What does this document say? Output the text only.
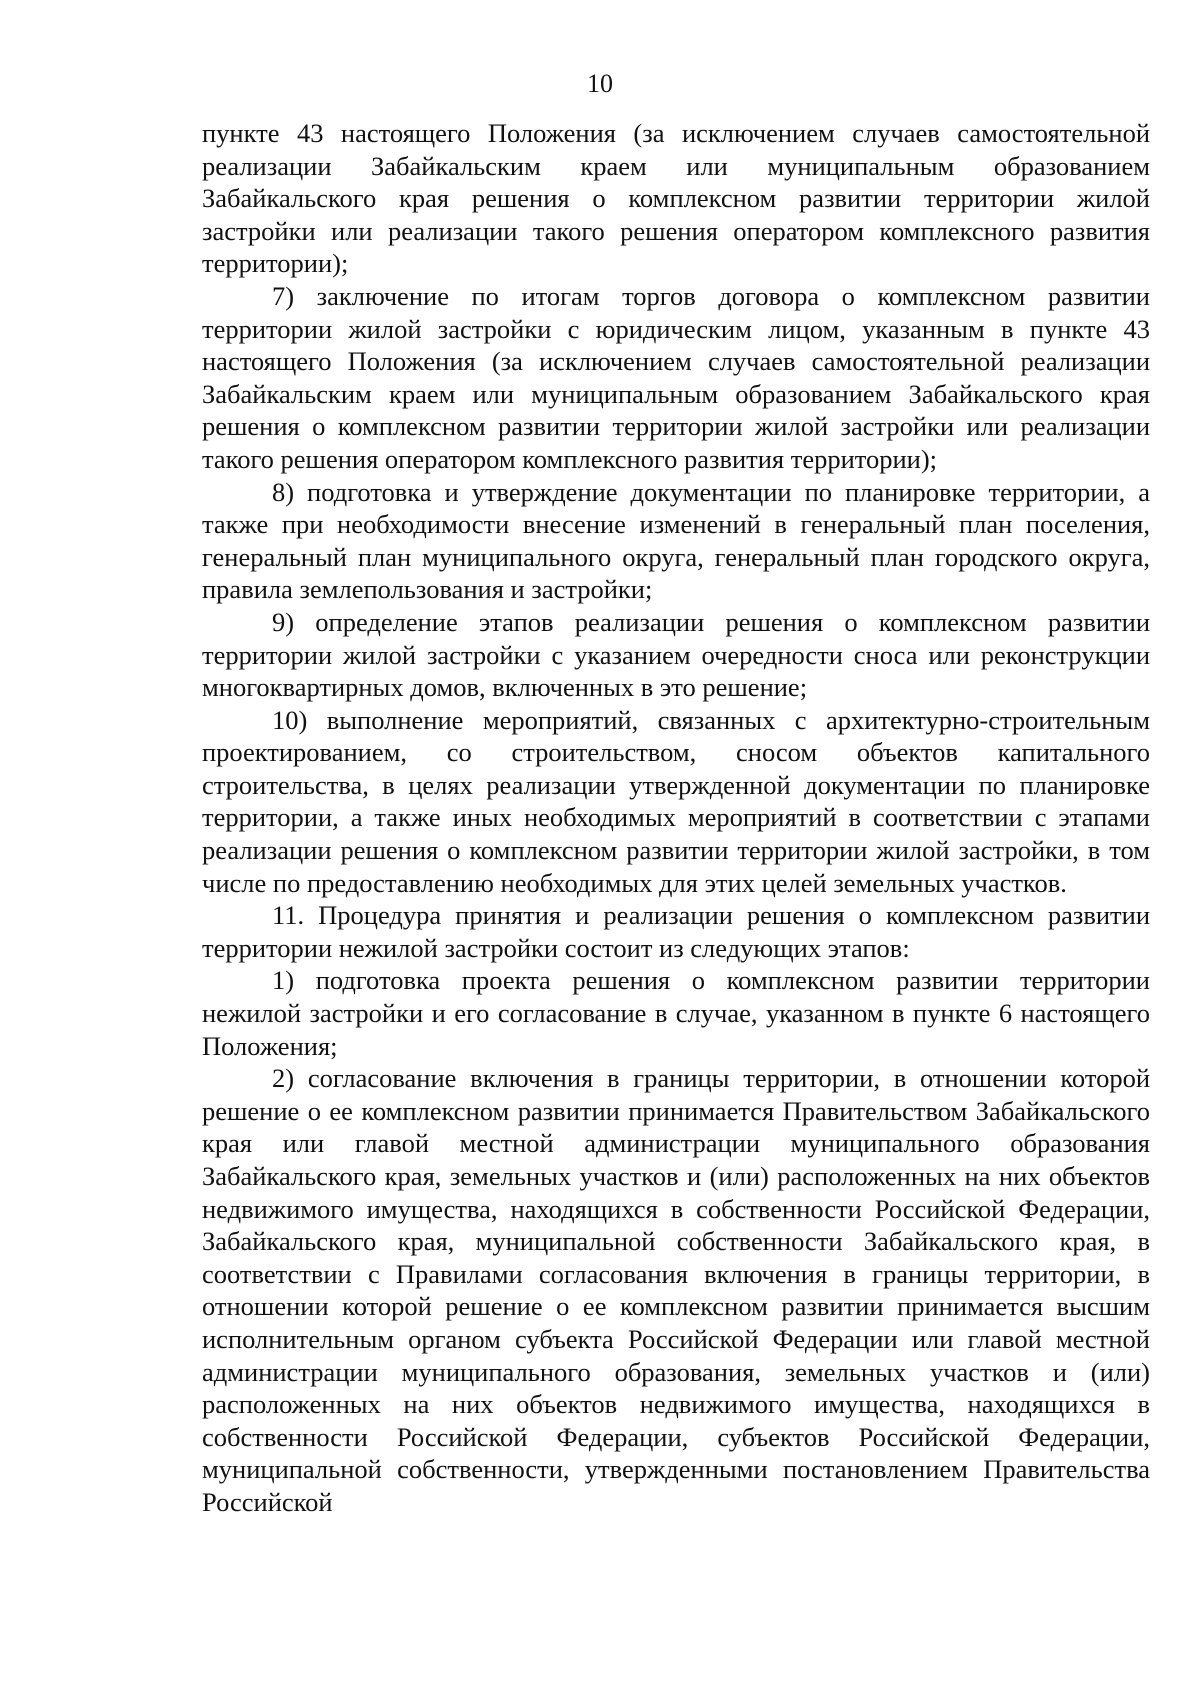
10

пункте 43 настоящего Положения (за исключением случаев самостоятельной реализации Забайкальским краем или муниципальным образованием Забайкальского края решения о комплексном развитии территории жилой застройки или реализации такого решения оператором комплексного развития территории);

7) заключение по итогам торгов договора о комплексном развитии территории жилой застройки с юридическим лицом, указанным в пункте 43 настоящего Положения (за исключением случаев самостоятельной реализации Забайкальским краем или муниципальным образованием Забайкальского края решения о комплексном развитии территории жилой застройки или реализации такого решения оператором комплексного развития территории);

8) подготовка и утверждение документации по планировке территории, а также при необходимости внесение изменений в генеральный план поселения, генеральный план муниципального округа, генеральный план городского округа, правила землепользования и застройки;

9) определение этапов реализации решения о комплексном развитии территории жилой застройки с указанием очередности сноса или реконструкции многоквартирных домов, включенных в это решение;

10) выполнение мероприятий, связанных с архитектурно-строительным проектированием, со строительством, сносом объектов капитального строительства, в целях реализации утвержденной документации по планировке территории, а также иных необходимых мероприятий в соответствии с этапами реализации решения о комплексном развитии территории жилой застройки, в том числе по предоставлению необходимых для этих целей земельных участков.

11. Процедура принятия и реализации решения о комплексном развитии территории нежилой застройки состоит из следующих этапов:

1) подготовка проекта решения о комплексном развитии территории нежилой застройки и его согласование в случае, указанном в пункте 6 настоящего Положения;

2) согласование включения в границы территории, в отношении которой решение о ее комплексном развитии принимается Правительством Забайкальского края или главой местной администрации муниципального образования Забайкальского края, земельных участков и (или) расположенных на них объектов недвижимого имущества, находящихся в собственности Российской Федерации, Забайкальского края, муниципальной собственности Забайкальского края, в соответствии с Правилами согласования включения в границы территории, в отношении которой решение о ее комплексном развитии принимается высшим исполнительным органом субъекта Российской Федерации или главой местной администрации муниципального образования, земельных участков и (или) расположенных на них объектов недвижимого имущества, находящихся в собственности Российской Федерации, субъектов Российской Федерации, муниципальной собственности, утвержденными постановлением Правительства Российской
